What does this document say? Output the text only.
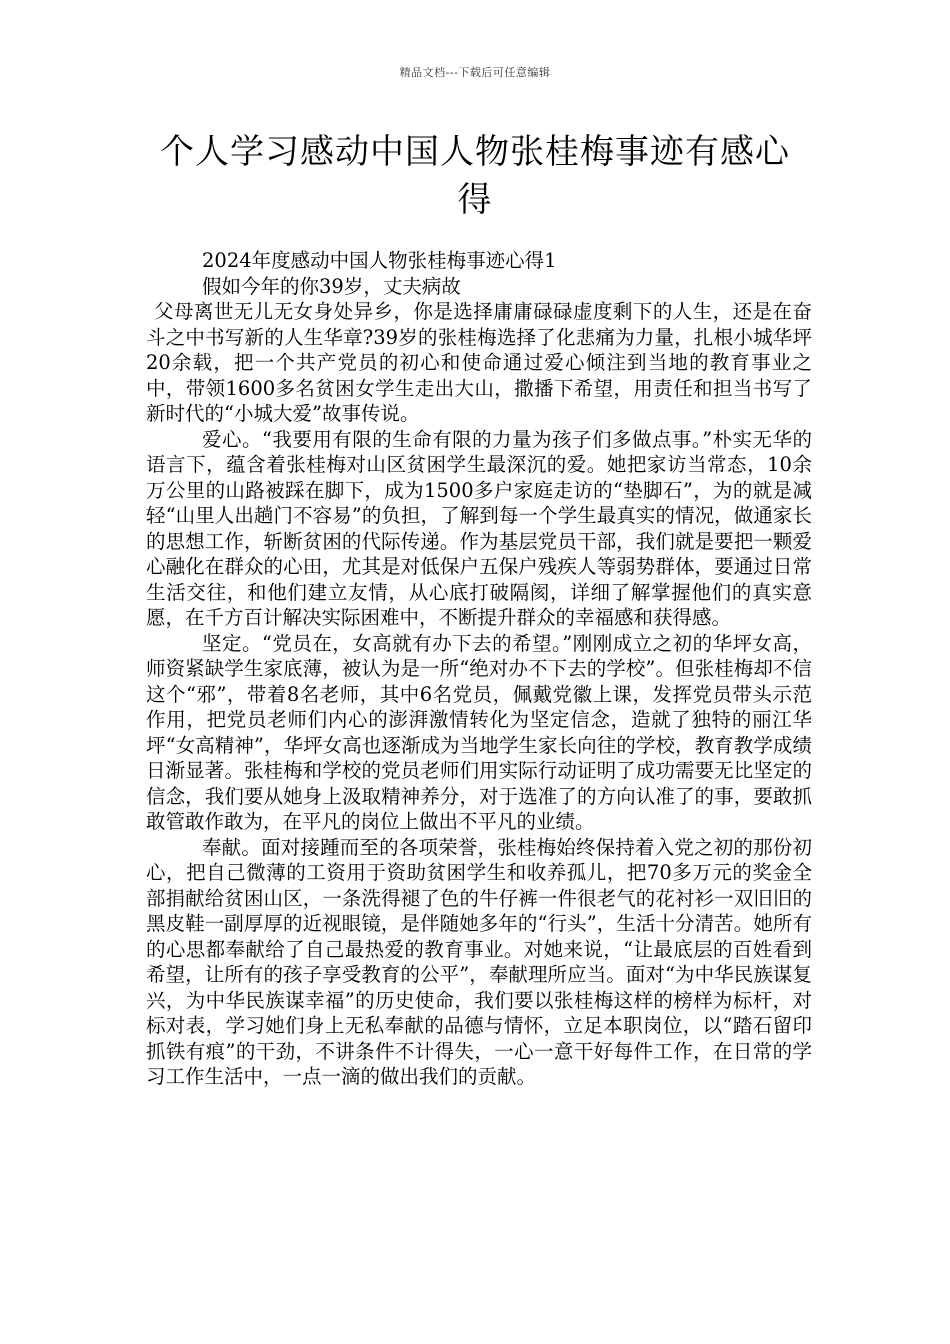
精品文档---下载后可任意编辑
个人学习感动中国人物张桂梅事迹有感心得

2024年度感动中国人物张桂梅事迹心得1

假如今年的你39岁，丈夫病故

父母离世无儿无女身处异乡，你是选择庸庸碌碌虚度剩下的人生，还是在奋斗之中书写新的人生华章?39岁的张桂梅选择了化悲痛为力量，扎根小城华坪20余载，把一个共产党员的初心和使命通过爱心倾注到当地的教育事业之中，带领1600多名贫困女学生走出大山，撒播下希望，用责任和担当书写了新时代的“小城大爱”故事传说。

爱心。“我要用有限的生命有限的力量为孩子们多做点事。”朴实无华的语言下，蕴含着张桂梅对山区贫困学生最深沉的爱。她把家访当常态，10余万公里的山路被踩在脚下，成为1500多户家庭走访的“垫脚石”，为的就是减轻“山里人出趟门不容易”的负担，了解到每一个学生最真实的情况，做通家长的思想工作，斩断贫困的代际传递。作为基层党员干部，我们就是要把一颗爱心融化在群众的心田，尤其是对低保户五保户残疾人等弱势群体，要通过日常生活交往，和他们建立友情，从心底打破隔阂，详细了解掌握他们的真实意愿，在千方百计解决实际困难中，不断提升群众的幸福感和获得感。

坚定。“党员在，女高就有办下去的希望。”刚刚成立之初的华坪女高，师资紧缺学生家底薄，被认为是一所“绝对办不下去的学校”。但张桂梅却不信这个“邪”，带着8名老师，其中6名党员，佩戴党徽上课，发挥党员带头示范作用，把党员老师们内心的澎湃激情转化为坚定信念，造就了独特的丽江华坪“女高精神”，华坪女高也逐渐成为当地学生家长向往的学校，教育教学成绩日渐显著。张桂梅和学校的党员老师们用实际行动证明了成功需要无比坚定的信念，我们要从她身上汲取精神养分，对于选准了的方向认准了的事，要敢抓敢管敢作敢为，在平凡的岗位上做出不平凡的业绩。

奉献。面对接踵而至的各项荣誉，张桂梅始终保持着入党之初的那份初心，把自己微薄的工资用于资助贫困学生和收养孤儿，把70多万元的奖金全部捐献给贫困山区，一条洗得褪了色的牛仔裤一件很老气的花衬衫一双旧旧的黑皮鞋一副厚厚的近视眼镜，是伴随她多年的“行头”，生活十分清苦。她所有的心思都奉献给了自己最热爱的教育事业。对她来说，“让最底层的百姓看到希望，让所有的孩子享受教育的公平”，奉献理所应当。面对“为中华民族谋复兴，为中华民族谋幸福”的历史使命，我们要以张桂梅这样的榜样为标杆，对标对表，学习她们身上无私奉献的品德与情怀，立足本职岗位，以“踏石留印抓铁有痕”的干劲，不讲条件不计得失，一心一意干好每件工作，在日常的学习工作生活中，一点一滴的做出我们的贡献。
